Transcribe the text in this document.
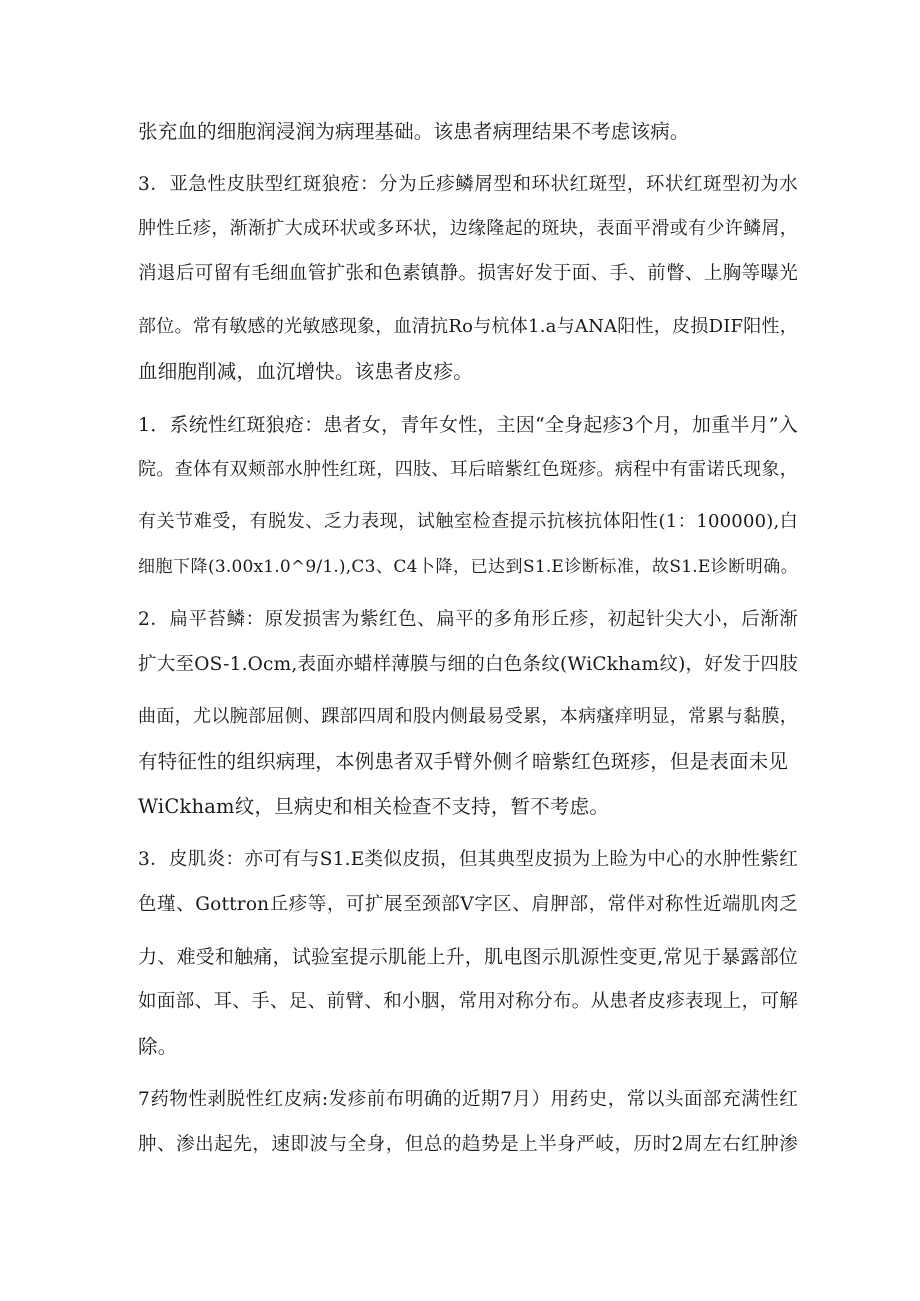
张充血的细胞润浸润为病理基础。该患者病理结果不考虑该病。
3．亚急性皮肤型红斑狼疮：分为丘疹鳞屑型和环状红斑型，环状红斑型初为水
肿性丘疹，渐渐扩大成环状或多环状，边缘隆起的斑块，表面平滑或有少许鳞屑，
消退后可留有毛细血管扩张和色素镇静。损害好发于面、手、前瞥、上胸等曝光
部位。常有敏感的光敏感现象，血清抗Ro与杭体1.a与ANA阳性，皮损DIF阳性，
血细胞削减，血沉增快。该患者皮疹。
1．系统性红斑狼疮：患者女，青年女性，主因“全身起疹3个月，加重半月”入
院。查体有双颊部水肿性红斑，四肢、耳后暗紫红色斑疹。病程中有雷诺氏现象，
有关节难受，有脱发、乏力表现，试触室检查提示抗核抗体阳性(1：100000),白
细胞下降(3.00x1.0^9/1.),C3、C4卜降，已达到S1.E诊断标准，故S1.E诊断明确。
2．扁平苔鳞：原发损害为紫红色、扁平的多角形丘疹，初起针尖大小，后渐渐
扩大至OS-1.Ocm,表面亦蜡样薄膜与细的白色条纹(WiCkham纹)，好发于四肢
曲面，尤以腕部屈侧、踝部四周和股内侧最易受累，本病瘙痒明显，常累与黏膜，
有特征性的组织病理，本例患者双手臂外侧彳暗紫红色斑疹，但是表面未见
WiCkham纹，旦病史和相关检查不支持，暂不考虑。
3．皮肌炎：亦可有与S1.E类似皮损，但其典型皮损为上睑为中心的水肿性紫红
色瑾、Gottron丘疹等，可扩展至颈部V字区、肩胛部，常伴对称性近端肌肉乏
力、难受和触痛，试验室提示肌能上升，肌电图示肌源性变更,常见于暴露部位
如面部、耳、手、足、前臂、和小胭，常用对称分布。从患者皮疹表现上，可解
除。
7药物性剥脱性红皮病:发疹前布明确的近期7月）用药史，常以头面部充满性红
肿、渗出起先，速即波与全身，但总的趋势是上半身严岐，历时2周左右红肿渗
